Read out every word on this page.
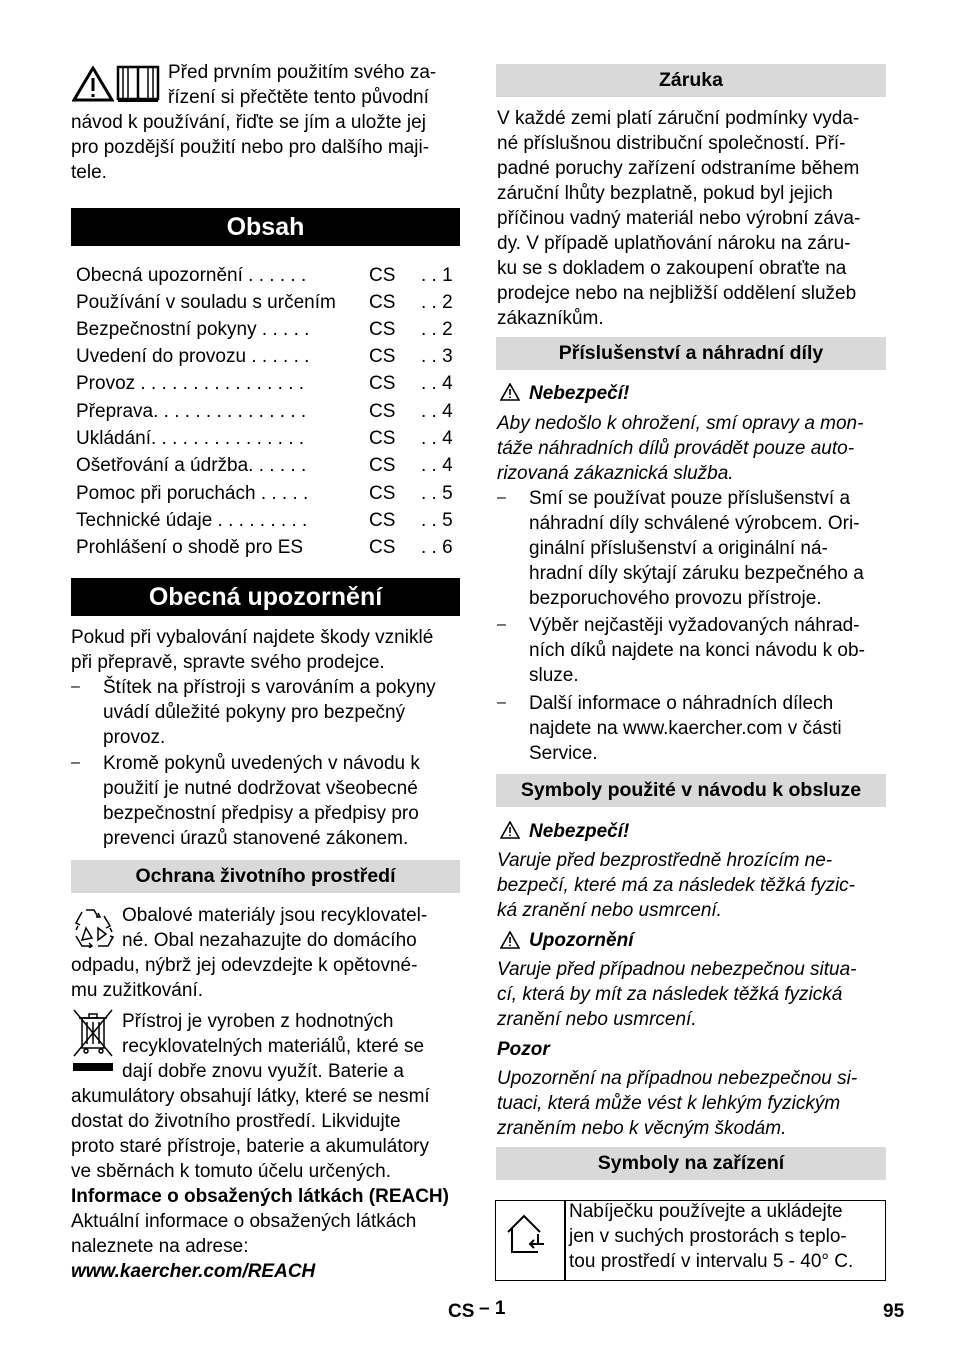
Před prvním použitím svého za-
řízení si přečtěte tento původní
návod k používání, řiďte se jím a uložte jej
pro pozdější použití nebo pro dalšího maji-
tele.
Obsah
Obecná upozornění . . . . . .	CS . . 1
Používání v souladu s určením CS . . 2
Bezpečnostní pokyny . . . . .	CS . . 2
Uvedení do provozu . . . . . .	CS . . 3
Provoz . . . . . . . . . . . . . . . .	CS . . 4
Přeprava. . . . . . . . . . . . . . .	CS . . 4
Ukládání. . . . . . . . . . . . . . .	CS . . 4
Ošetřování a údržba. . . . . .	CS . . 4
Pomoc při poruchách . . . . .	CS . . 5
Technické údaje . . . . . . . . .	CS . . 5
Prohlášení o shodě pro ES	CS . . 6
Obecná upozornění
Pokud při vybalování najdete škody vzniklé
při přepravě, spravte svého prodejce.
– Štítek na přístroji s varováním a pokyny
uvádí důležité pokyny pro bezpečný
provoz.
– Kromě pokynů uvedených v návodu k
použití je nutné dodržovat všeobecné
bezpečnostní předpisy a předpisy pro
prevenci úrazů stanovené zákonem.
Ochrana životního prostředí
Obalové materiály jsou recyklovatel-
né. Obal nezahazujte do domácího
odpadu, nýbrž jej odevzdejte k opětovné-
mu zužitkování.
Přístroj je vyroben z hodnotných
recyklovatelných materiálů, které se
dají dobře znovu využít. Baterie a
akumulátory obsahují látky, které se nesmí
dostat do životního prostředí. Likvidujte
proto staré přístroje, baterie a akumulátory
ve sběrnách k tomuto účelu určených.
Informace o obsažených látkách (REACH)
Aktuální informace o obsažených látkách
naleznete na adrese:
www.kaercher.com/REACH
Záruka
V každé zemi platí záruční podmínky vyda-
né příslušnou distribuční společností. Pří-
padné poruchy zařízení odstraníme během
záruční lhůty bezplatně, pokud byl jejich
příčinou vadný materiál nebo výrobní záva-
dy. V případě uplatňování nároku na záru-
ku se s dokladem o zakoupení obraťte na
prodejce nebo na nejbližší oddělení služeb
zákazníkům.
Příslušenství a náhradní díly
Nebezpečí!
Aby nedošlo k ohrožení, smí opravy a mon-
táže náhradních dílů provádět pouze auto-
rizovaná zákaznická služba.
– Smí se používat pouze příslušenství a
náhradní díly schválené výrobcem. Ori-
ginální příslušenství a originální ná-
hradní díly skýtají záruku bezpečného a
bezporuchového provozu přístroje.
– Výběr nejčastěji vyžadovaných náhrad-
ních díků najdete na konci návodu k ob-
sluze.
– Další informace o náhradních dílech
najdete na www.kaercher.com v části
Service.
Symboly použité v návodu k obsluze
Nebezpečí!
Varuje před bezprostředně hrozícím ne-
bezpečí, které má za následek těžká fyzic-
ká zranění nebo usmrcení.
Upozornění
Varuje před případnou nebezpečnou situa-
cí, která by mít za následek těžká fyzická
zranění nebo usmrcení.
Pozor
Upozornění na případnou nebezpečnou si-
tuaci, která může vést k lehkým fyzickým
zraněním nebo k věcným škodám.
Symboly na zařízení
Nabíječku používejte a ukládejte
jen v suchých prostorách s teplo-
tou prostředí v intervalu 5 - 40° C.
CS – 1	95
